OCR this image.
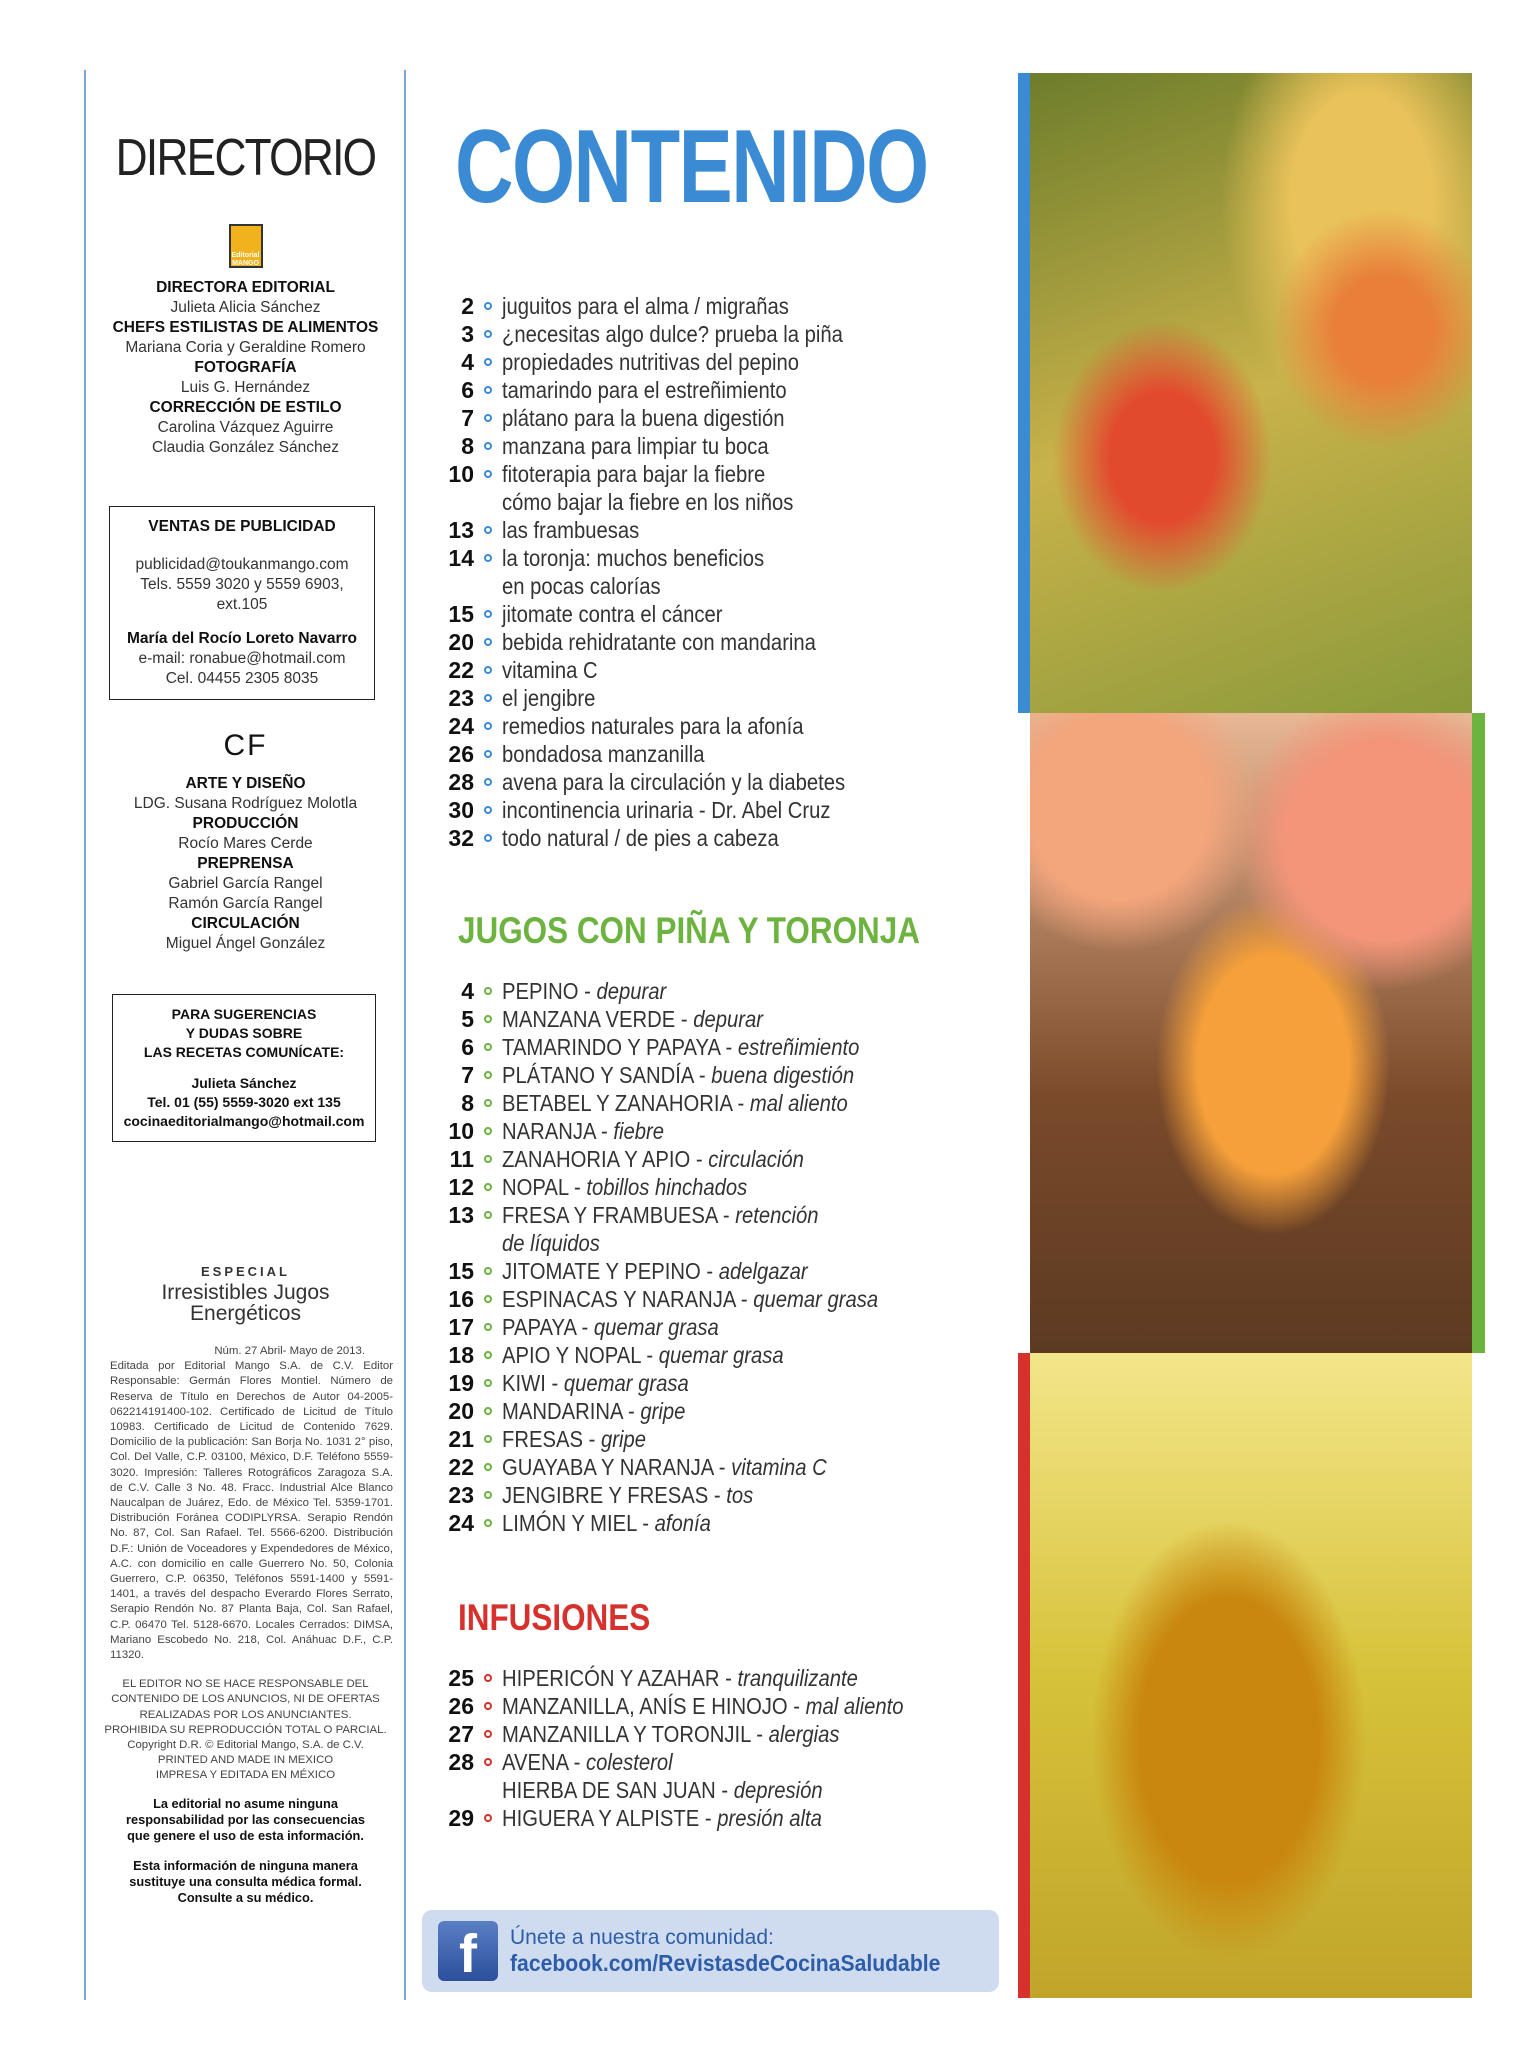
DIRECTORIO
Editorial MANGO
DIRECTORA EDITORIAL
Julieta Alicia Sánchez
CHEFS ESTILISTAS DE ALIMENTOS
Mariana Coria y Geraldine Romero
FOTOGRAFÍA
Luis G. Hernández
CORRECCIÓN DE ESTILO
Carolina Vázquez Aguirre
Claudia González Sánchez
VENTAS DE PUBLICIDAD
publicidad@toukanmango.com
Tels. 5559 3020 y 5559 6903, ext.105
María del Rocío Loreto Navarro
e-mail: ronabue@hotmail.com
Cel. 04455 2305 8035
CF
ARTE Y DISEÑO
LDG. Susana Rodríguez Molotla
PRODUCCIÓN
Rocío Mares Cerde
PREPRENSA
Gabriel García Rangel
Ramón García Rangel
CIRCULACIÓN
Miguel Ángel González
PARA SUGERENCIAS
Y DUDAS SOBRE
LAS RECETAS COMUNÍCATE:
Julieta Sánchez
Tel. 01 (55) 5559-3020 ext 135
cocinaeditorialmango@hotmail.com
ESPECIAL
Irresistibles Jugos
Energéticos
Núm. 27 Abril- Mayo de 2013.
Editada por Editorial Mango S.A. de C.V. Editor Responsable: Germán Flores Montiel. Número de Reserva de Título en Derechos de Autor 04-2005-062214191400-102. Certificado de Licitud de Título 10983. Certificado de Licitud de Contenido 7629. Domicilio de la publicación: San Borja No. 1031 2° piso, Col. Del Valle, C.P. 03100, México, D.F. Teléfono 5559-3020. Impresión: Talleres Rotográficos Zaragoza S.A. de C.V. Calle 3 No. 48. Fracc. Industrial Alce Blanco Naucalpan de Juárez, Edo. de México Tel. 5359-1701. Distribución Foránea CODIPLYRSA. Serapio Rendón No. 87, Col. San Rafael. Tel. 5566-6200. Distribución D.F.: Unión de Voceadores y Expendedores de México, A.C. con domicilio en calle Guerrero No. 50, Colonia Guerrero, C.P. 06350, Teléfonos 5591-1400 y 5591-1401, a través del despacho Everardo Flores Serrato, Serapio Rendón No. 87 Planta Baja, Col. San Rafael, C.P. 06470 Tel. 5128-6670. Locales Cerrados: DIMSA, Mariano Escobedo No. 218, Col. Anáhuac D.F., C.P. 11320.
EL EDITOR NO SE HACE RESPONSABLE DEL
CONTENIDO DE LOS ANUNCIOS, NI DE OFERTAS
REALIZADAS POR LOS ANUNCIANTES.
PROHIBIDA SU REPRODUCCIÓN TOTAL O PARCIAL.
Copyright D.R. © Editorial Mango, S.A. de C.V.
PRINTED AND MADE IN MEXICO
IMPRESA Y EDITADA EN MÉXICO
La editorial no asume ninguna responsabilidad por las consecuencias que genere el uso de esta información.
Esta información de ninguna manera sustituye una consulta médica formal. Consulte a su médico.
CONTENIDO
2 juguitos para el alma / migrañas
3 ¿necesitas algo dulce? prueba la piña
4 propiedades nutritivas del pepino
6 tamarindo para el estreñimiento
7 plátano para la buena digestión
8 manzana para limpiar tu boca
10 fitoterapia para bajar la fiebre
cómo bajar la fiebre en los niños
13 las frambuesas
14 la toronja: muchos beneficios
en pocas calorías
15 jitomate contra el cáncer
20 bebida rehidratante con mandarina
22 vitamina C
23 el jengibre
24 remedios naturales para la afonía
26 bondadosa manzanilla
28 avena para la circulación y la diabetes
30 incontinencia urinaria - Dr. Abel Cruz
32 todo natural / de pies a cabeza
JUGOS CON PIÑA Y TORONJA
4 PEPINO - depurar
5 MANZANA VERDE - depurar
6 TAMARINDO Y PAPAYA - estreñimiento
7 PLÁTANO Y SANDÍA - buena digestión
8 BETABEL Y ZANAHORIA - mal aliento
10 NARANJA - fiebre
11 ZANAHORIA Y APIO - circulación
12 NOPAL - tobillos hinchados
13 FRESA Y FRAMBUESA - retención
de líquidos
15 JITOMATE Y PEPINO - adelgazar
16 ESPINACAS Y NARANJA - quemar grasa
17 PAPAYA - quemar grasa
18 APIO Y NOPAL - quemar grasa
19 KIWI - quemar grasa
20 MANDARINA - gripe
21 FRESAS - gripe
22 GUAYABA Y NARANJA - vitamina C
23 JENGIBRE Y FRESAS - tos
24 LIMÓN Y MIEL - afonía
INFUSIONES
25 HIPERICÓN Y AZAHAR - tranquilizante
26 MANZANILLA, ANÍS E HINOJO - mal aliento
27 MANZANILLA Y TORONJIL - alergias
28 AVENA - colesterol
HIERBA DE SAN JUAN - depresión
29 HIGUERA Y ALPISTE - presión alta
f	Únete a nuestra comunidad:
facebook.com/RevistasdeCocinaSaludable
